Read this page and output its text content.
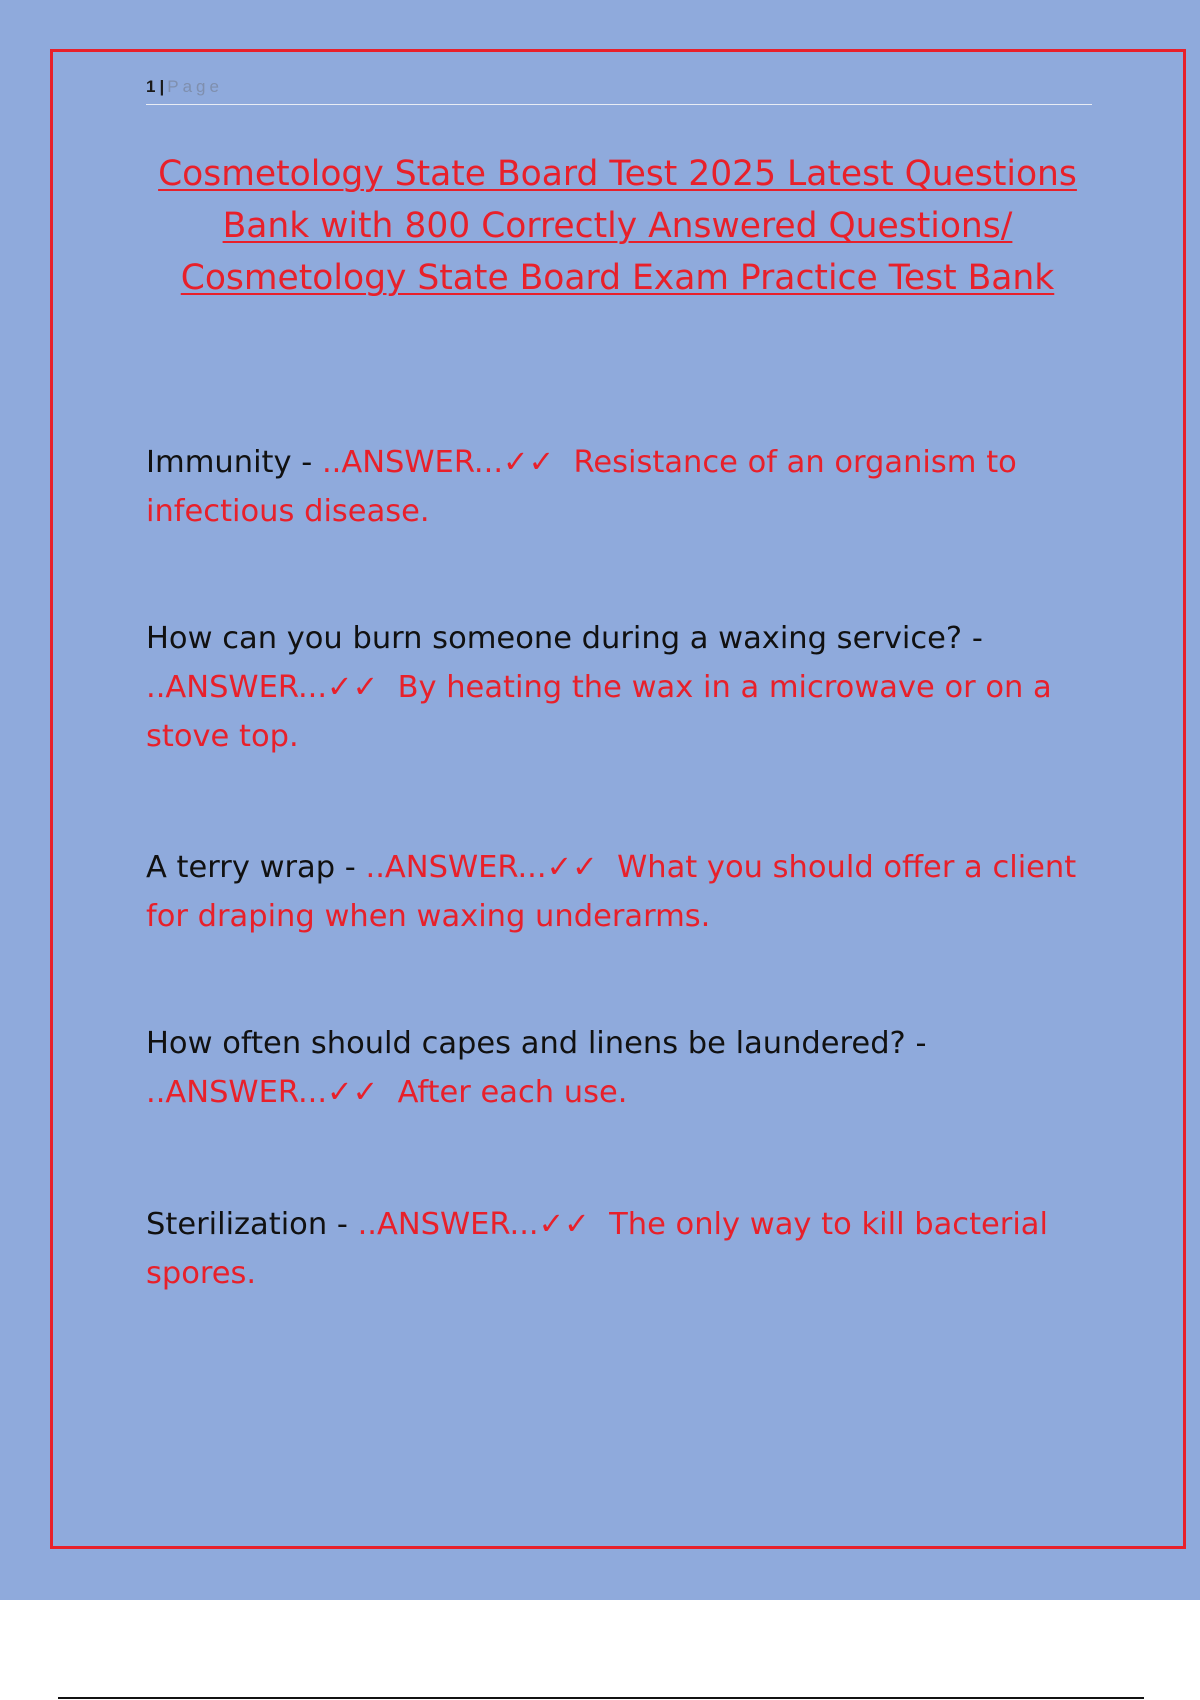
1 | Page
Cosmetology State Board Test 2025 Latest Questions Bank with 800 Correctly Answered Questions/ Cosmetology State Board Exam Practice Test Bank
Immunity - ..ANSWER...✓✓ Resistance of an organism to infectious disease.
How can you burn someone during a waxing service? - ..ANSWER...✓✓ By heating the wax in a microwave or on a stove top.
A terry wrap - ..ANSWER...✓✓ What you should offer a client for draping when waxing underarms.
How often should capes and linens be laundered? - ..ANSWER...✓✓ After each use.
Sterilization - ..ANSWER...✓✓ The only way to kill bacterial spores.
